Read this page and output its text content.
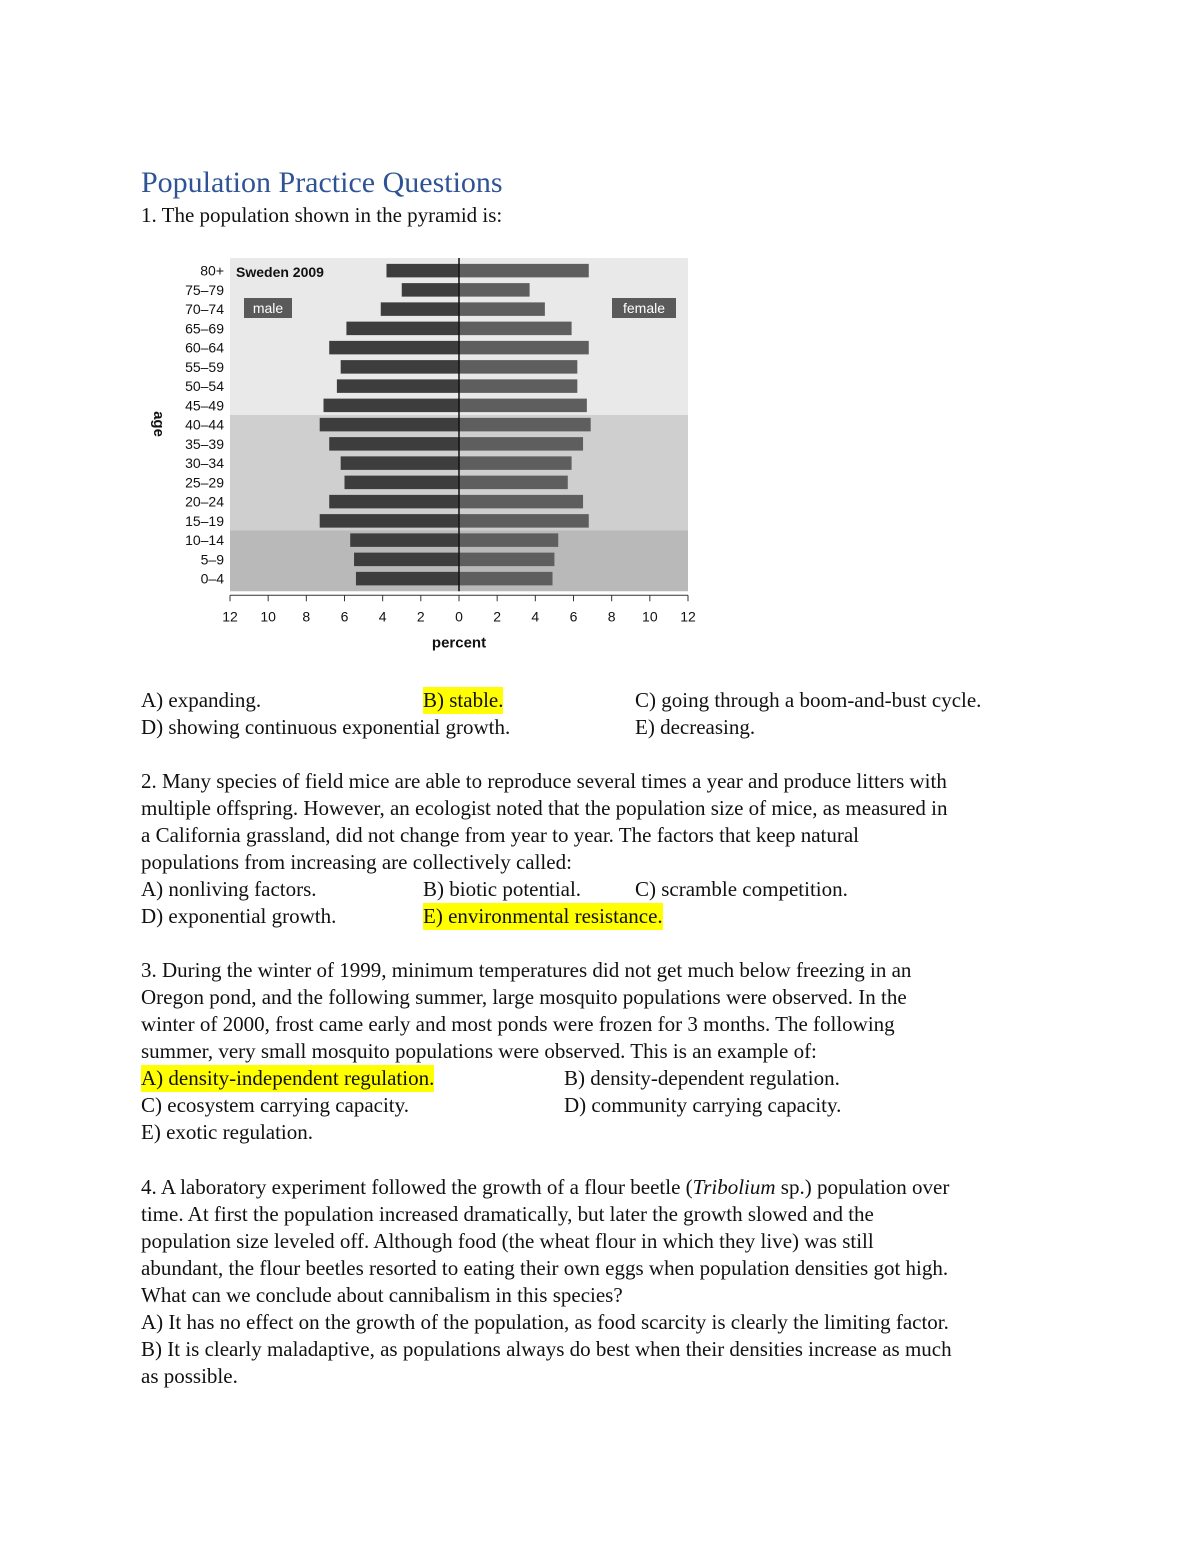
Population Practice Questions
1. The population shown in the pyramid is:
80+
75–79
70–74
65–69
60–64
55–59
50–54
45–49
40–44
35–39
30–34
25–29
20–24
15–19
10–14
5–9
0–4
12 10 8 6 4 2 0 2 4 6 8 10 12
percent
age
Sweden 2009
male	female
A) expanding.	B) stable.	C) going through a boom-and-bust cycle.
D) showing continuous exponential growth.	E) decreasing.
2. Many species of field mice are able to reproduce several times a year and produce litters with
multiple offspring. However, an ecologist noted that the population size of mice, as measured in
a California grassland, did not change from year to year. The factors that keep natural
populations from increasing are collectively called:
A) nonliving factors.	B) biotic potential.	C) scramble competition.
D) exponential growth.	E) environmental resistance.
3. During the winter of 1999, minimum temperatures did not get much below freezing in an
Oregon pond, and the following summer, large mosquito populations were observed. In the
winter of 2000, frost came early and most ponds were frozen for 3 months. The following
summer, very small mosquito populations were observed. This is an example of:
A) density-independent regulation.	B) density-dependent regulation.
C) ecosystem carrying capacity.	D) community carrying capacity.
E) exotic regulation.
4. A laboratory experiment followed the growth of a flour beetle (Tribolium sp.) population over
time. At first the population increased dramatically, but later the growth slowed and the
population size leveled off. Although food (the wheat flour in which they live) was still
abundant, the flour beetles resorted to eating their own eggs when population densities got high.
What can we conclude about cannibalism in this species?
A) It has no effect on the growth of the population, as food scarcity is clearly the limiting factor.
B) It is clearly maladaptive, as populations always do best when their densities increase as much
as possible.
